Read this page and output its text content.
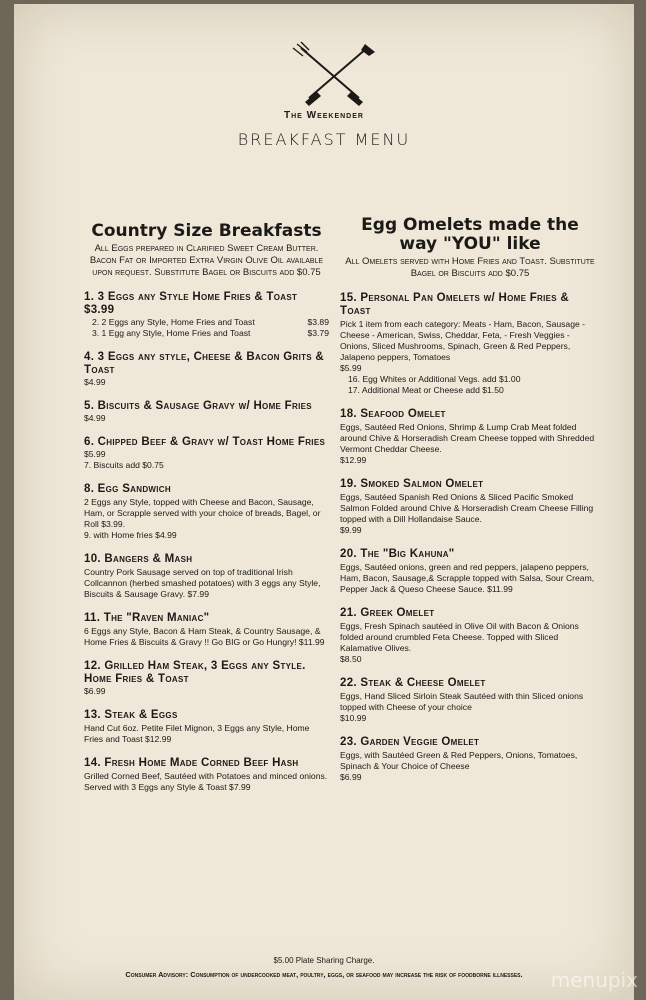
The Weekender
BREAKFAST MENU
Country Size Breakfasts
All Eggs prepared in Clarified Sweet Cream Butter. Bacon Fat or Imported Extra Virgin Olive Oil available upon request. Substitute Bagel or Biscuits add $0.75
1. 3 Eggs any Style Home Fries & Toast $3.99
2. 2 Eggs any Style, Home Fries and Toast	$3.89
3. 1 Egg any Style, Home Fries and Toast	$3.79
4. 3 Eggs any style, Cheese & Bacon Grits & Toast
$4.99
5. Biscuits & Sausage Gravy w/ Home Fries
$4.99
6. Chipped Beef & Gravy w/ Toast Home Fries
$5.99
7. Biscuits add $0.75
8. Egg Sandwich
2 Eggs any Style, topped with Cheese and Bacon, Sausage, Ham, or Scrapple served with your choice of breads, Bagel, or Roll $3.99.
9. with Home fries $4.99
10. Bangers & Mash
Country Pork Sausage served on top of traditional Irish Collcannon (herbed smashed potatoes) with 3 eggs any Style, Biscuits & Sausage Gravy. $7.99
11. The "Raven Maniac"
6 Eggs any Style, Bacon & Ham Steak, & Country Sausage, & Home Fries & Biscuits & Gravy !! Go BIG or Go Hungry! $11.99
12. Grilled Ham Steak, 3 Eggs any Style. Home Fries & Toast
$6.99
13. Steak & Eggs
Hand Cut 6oz. Petite Filet Mignon, 3 Eggs any Style, Home Fries and Toast $12.99
14. Fresh Home Made Corned Beef Hash
Grilled Corned Beef, Sautéed with Potatoes and minced onions. Served with 3 Eggs any Style & Toast $7.99
Egg Omelets made the way "YOU" like
All Omelets served with Home Fries and Toast. Substitute Bagel or Biscuits add $0.75
15. Personal Pan Omelets w/ Home Fries & Toast
Pick 1 item from each category: Meats - Ham, Bacon, Sausage - Cheese - American, Swiss, Cheddar, Feta, - Fresh Veggies - Onions, Sliced Mushrooms, Spinach, Green & Red Peppers, Jalapeno peppers, Tomatoes
$5.99
16. Egg Whites or Additional Vegs. add $1.00
17. Additional Meat or Cheese add $1.50
18. Seafood Omelet
Eggs, Sautéed Red Onions, Shrimp & Lump Crab Meat folded around Chive & Horseradish Cream Cheese topped with Shredded Vermont Cheddar Cheese.
$12.99
19. Smoked Salmon Omelet
Eggs, Sautéed Spanish Red Onions & Sliced Pacific Smoked Salmon Folded around Chive & Horseradish Cream Cheese Filling topped with a Dill Hollandaise Sauce.
$9.99
20. The "Big Kahuna"
Eggs, Sautéed onions, green and red peppers, jalapeno peppers, Ham, Bacon, Sausage,& Scrapple topped with Salsa, Sour Cream, Pepper Jack & Queso Cheese Sauce. $11.99
21. Greek Omelet
Eggs, Fresh Spinach sautéed in Olive Oil with Bacon & Onions folded around crumbled Feta Cheese. Topped with Sliced Kalamative Olives.
$8.50
22. Steak & Cheese Omelet
Eggs, Hand Sliced Sirloin Steak Sautéed with thin Sliced onions topped with Cheese of your choice
$10.99
23. Garden Veggie Omelet
Eggs, with Sautéed Green & Red Peppers, Onions, Tomatoes, Spinach & Your Choice of Cheese
$6.99
$5.00 Plate Sharing Charge.
Consumer Advisory: Consumption of undercooked meat, poultry, eggs, or seafood may increase the risk of foodborne illnesses.	menupix
